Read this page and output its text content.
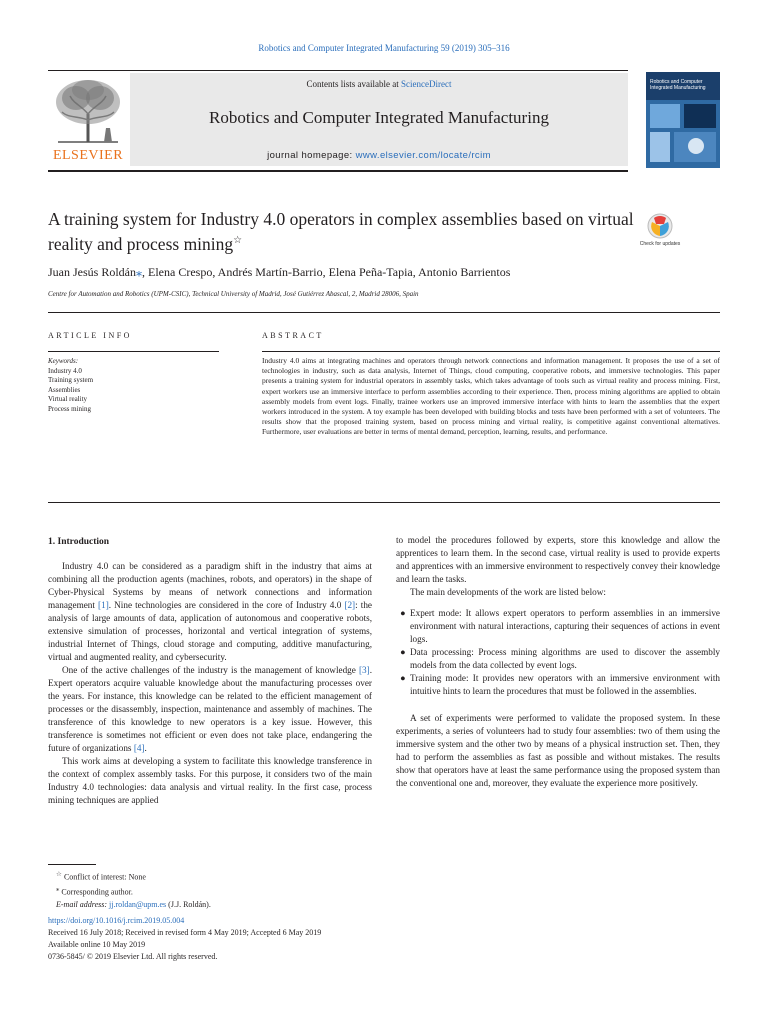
Robotics and Computer Integrated Manufacturing 59 (2019) 305–316
ELSEVIER
Contents lists available at ScienceDirect
Robotics and Computer Integrated Manufacturing
journal homepage: www.elsevier.com/locate/rcim
Robotics and Computer Integrated Manufacturing
A training system for Industry 4.0 operators in complex assemblies based on virtual reality and process mining☆	Check for updates
Juan Jesús Roldán⁎, Elena Crespo, Andrés Martín-Barrio, Elena Peña-Tapia, Antonio Barrientos
Centre for Automation and Robotics (UPM-CSIC), Technical University of Madrid, José Gutiérrez Abascal, 2, Madrid 28006, Spain
ARTICLE INFO	ABSTRACT
Keywords:
Industry 4.0
Training system
Assemblies
Virtual reality
Process mining
Industry 4.0 aims at integrating machines and operators through network connections and information management. It proposes the use of a set of technologies in industry, such as data analysis, Internet of Things, cloud computing, cooperative robots, and immersive technologies. This paper presents a training system for industrial operators in assembly tasks, which takes advantage of tools such as virtual reality and process mining. First, expert workers use an immersive interface to perform assemblies according to their experience. Then, process mining algorithms are applied to obtain assembly models from event logs. Finally, trainee workers use an improved immersive interface with hints to learn the assemblies that the expert workers introduced in the system. A toy example has been developed with building blocks and tests have been performed with a set of volunteers. The results show that the proposed training system, based on process mining and virtual reality, is competitive against conventional alternatives. Furthermore, user evaluations are better in terms of mental demand, perception, learning, results, and performance.
1. Introduction

Industry 4.0 can be considered as a paradigm shift in the industry that aims at combining all the production agents (machines, robots, and operators) in the shape of Cyber-Physical Systems by means of network connections and information management [1]. Nine technologies are considered in the core of Industry 4.0 [2]: the analysis of large amounts of data, application of autonomous and cooperative robots, extensive simulation of processes, horizontal and vertical integration of systems, industrial Internet of Things, cloud storage and computing, additive manufacturing, virtual and augmented reality, and cybersecurity.

One of the active challenges of the industry is the management of knowledge [3]. Expert operators acquire valuable knowledge about the manufacturing processes over the years. For instance, this knowledge can be related to the efficient management of processes or the disassembly, inspection, maintenance and assembly of machines. The transference of this knowledge to new operators is a key issue. However, this transference is sometimes not efficient or even does not take place, endangering the future of organizations [4].

This work aims at developing a system to facilitate this knowledge transference in the context of complex assembly tasks. For this purpose, it considers two of the main Industry 4.0 technologies: data analysis and virtual reality. In the first case, process mining techniques are applied

to model the procedures followed by experts, store this knowledge and allow the apprentices to learn them. In the second case, virtual reality is used to provide experts and apprentices with an immersive environment to respectively convey their knowledge and learn the tasks.

The main developments of the work are listed below:

● Expert mode: It allows expert operators to perform assemblies in an immersive environment with natural interactions, capturing their sequences of actions in event logs.
● Data processing: Process mining algorithms are used to discover the assembly models from the data collected by event logs.
● Training mode: It provides new operators with an immersive environment with intuitive hints to learn the procedures that must be followed in the assemblies.

A set of experiments were performed to validate the proposed system. In these experiments, a series of volunteers had to study four assemblies: two of them using the immersive system and the other two by means of a physical instruction set. Then, they had to perform the assemblies as fast as possible and without mistakes. The results show that operators have at least the same performance using the proposed system than the conventional one and, moreover, they evaluate the experience more positively.

☆ Conflict of interest: None
⁎ Corresponding author.
E-mail address: jj.roldan@upm.es (J.J. Roldán).
https://doi.org/10.1016/j.rcim.2019.05.004
Received 16 July 2018; Received in revised form 4 May 2019; Accepted 6 May 2019
Available online 10 May 2019
0736-5845/ © 2019 Elsevier Ltd. All rights reserved.
